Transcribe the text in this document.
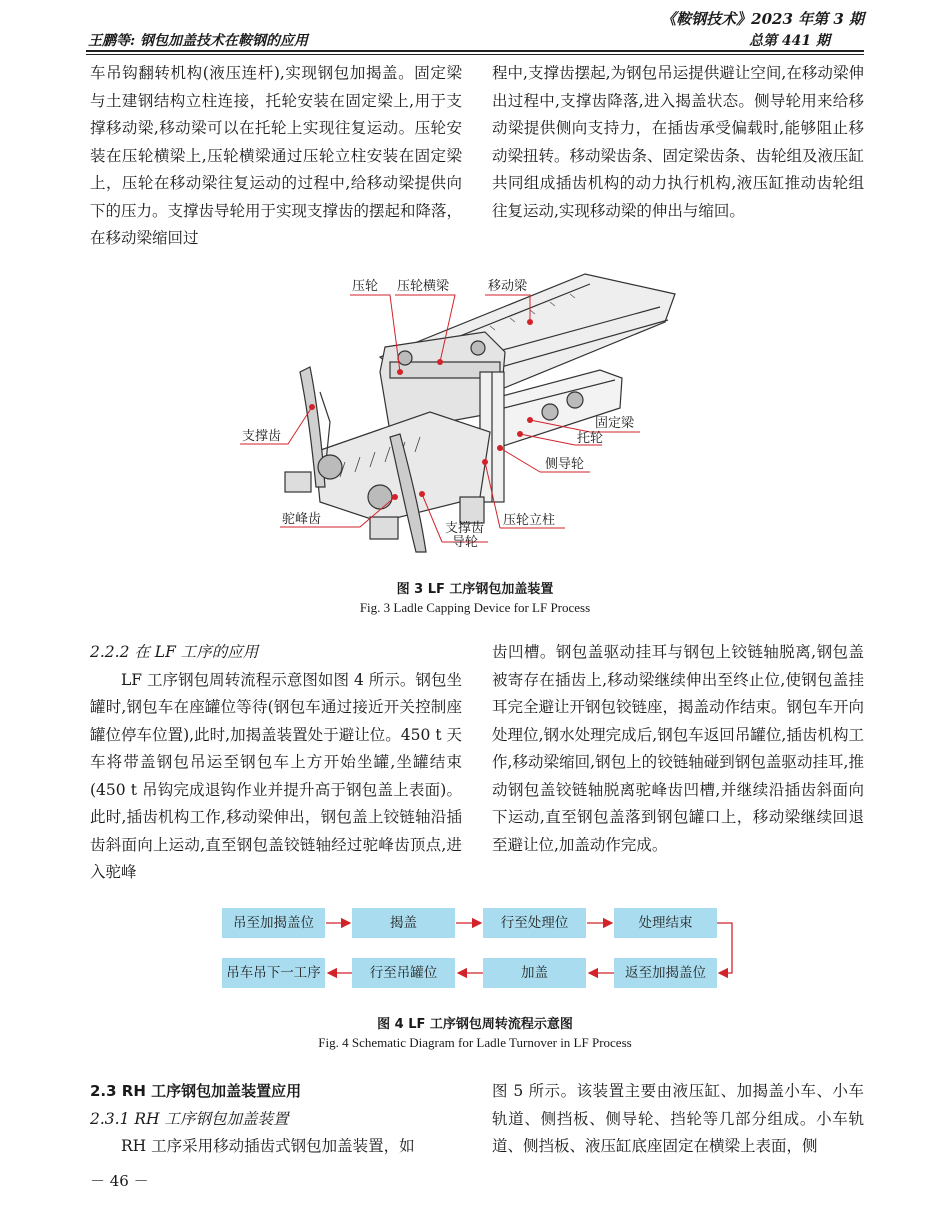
《鞍钢技术》2023 年第 3 期
王鹏等: 钢包加盖技术在鞍钢的应用	总第 441 期

车吊钩翻转机构(液压连杆),实现钢包加揭盖。固定梁与土建钢结构立柱连接，托轮安装在固定梁上,用于支撑移动梁,移动梁可以在托轮上实现往复运动。压轮安装在压轮横梁上,压轮横梁通过压轮立柱安装在固定梁上，压轮在移动梁往复运动的过程中,给移动梁提供向下的压力。支撑齿导轮用于实现支撑齿的摆起和降落，在移动梁缩回过

程中,支撑齿摆起,为钢包吊运提供避让空间,在移动梁伸出过程中,支撑齿降落,进入揭盖状态。侧导轮用来给移动梁提供侧向支持力，在插齿承受偏载时,能够阻止移动梁扭转。移动梁齿条、固定梁齿条、齿轮组及液压缸共同组成插齿机构的动力执行机构,液压缸推动齿轮组往复运动,实现移动梁的伸出与缩回。

压轮 压轮横梁	移动梁
支撑齿
固定梁
托轮
侧导轮
驼峰齿
支撑齿
导轮
压轮立柱
图 3 LF 工序钢包加盖装置
Fig. 3 Ladle Capping Device for LF Process

2.2.2 在 LF 工序的应用

LF 工序钢包周转流程示意图如图 4 所示。钢包坐罐时,钢包车在座罐位等待(钢包车通过接近开关控制座罐位停车位置),此时,加揭盖装置处于避让位。450 t 天车将带盖钢包吊运至钢包车上方开始坐罐,坐罐结束(450 t 吊钩完成退钩作业并提升高于钢包盖上表面)。此时,插齿机构工作,移动梁伸出，钢包盖上铰链轴沿插齿斜面向上运动,直至钢包盖铰链轴经过驼峰齿顶点,进入驼峰

齿凹槽。钢包盖驱动挂耳与钢包上铰链轴脱离,钢包盖被寄存在插齿上,移动梁继续伸出至终止位,使钢包盖挂耳完全避让开钢包铰链座，揭盖动作结束。钢包车开向处理位,钢水处理完成后,钢包车返回吊罐位,插齿机构工作,移动梁缩回,钢包上的铰链轴碰到钢包盖驱动挂耳,推动钢包盖铰链轴脱离驼峰齿凹槽,并继续沿插齿斜面向下运动,直至钢包盖落到钢包罐口上，移动梁继续回退至避让位,加盖动作完成。

吊至加揭盖位	揭盖	行至处理位	处理结束
吊车吊下一工序	行至吊罐位	加盖	返至加揭盖位
图 4 LF 工序钢包周转流程示意图
Fig. 4 Schematic Diagram for Ladle Turnover in LF Process

2.3 RH 工序钢包加盖装置应用

2.3.1 RH 工序钢包加盖装置

RH 工序采用移动插齿式钢包加盖装置，如

图 5 所示。该装置主要由液压缸、加揭盖小车、小车轨道、侧挡板、侧导轮、挡轮等几部分组成。小车轨道、侧挡板、液压缸底座固定在横梁上表面，侧

－ 46 －
